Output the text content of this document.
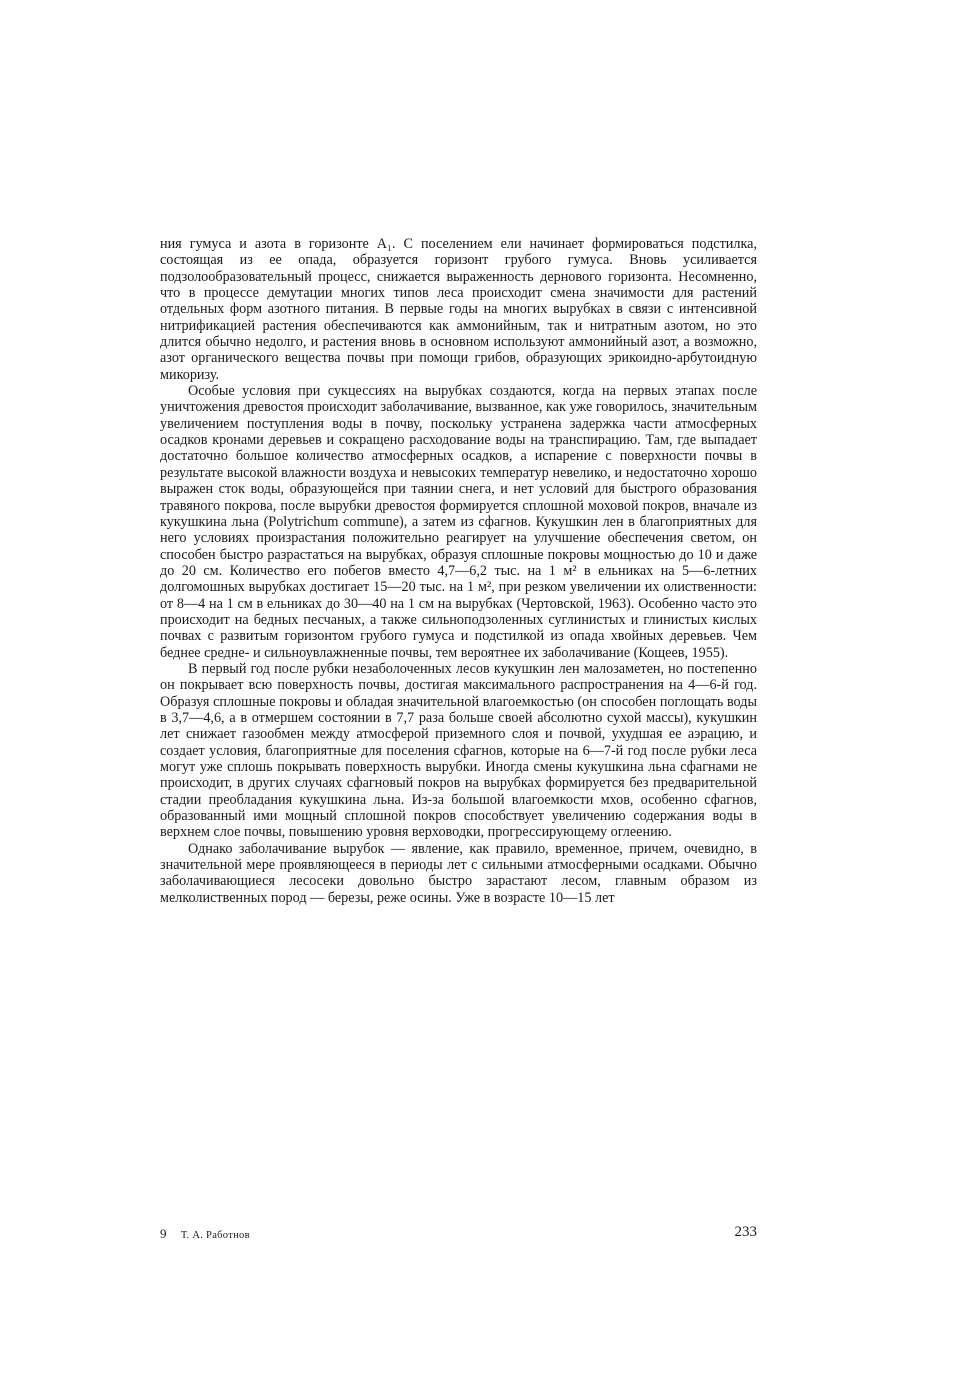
ния гумуса и азота в горизонте A₁. С поселением ели начинает формироваться подстилка, состоящая из ее опада, образуется горизонт грубого гумуса. Вновь усиливается подзолообразовательный процесс, снижается выраженность дернового горизонта. Несомненно, что в процессе демутации многих типов леса происходит смена значимости для растений отдельных форм азотного питания. В первые годы на многих вырубках в связи с интенсивной нитрификацией растения обеспечиваются как аммонийным, так и нитратным азотом, но это длится обычно недолго, и растения вновь в основном используют аммонийный азот, а возможно, азот органического вещества почвы при помощи грибов, образующих эрикоидно-арбутоидную микоризу.

Особые условия при сукцессиях на вырубках создаются, когда на первых этапах после уничтожения древостоя происходит заболачивание, вызванное, как уже говорилось, значительным увеличением поступления воды в почву, поскольку устранена задержка части атмосферных осадков кронами деревьев и сокращено расходование воды на транспирацию. Там, где выпадает достаточно большое количество атмосферных осадков, а испарение с поверхности почвы в результате высокой влажности воздуха и невысоких температур невелико, и недостаточно хорошо выражен сток воды, образующейся при таянии снега, и нет условий для быстрого образования травяного покрова, после вырубки древостоя формируется сплошной моховой покров, вначале из кукушкина льна (Polytrichum commune), а затем из сфагнов. Кукушкин лен в благоприятных для него условиях произрастания положительно реагирует на улучшение обеспечения светом, он способен быстро разрастаться на вырубках, образуя сплошные покровы мощностью до 10 и даже до 20 см. Количество его побегов вместо 4,7—6,2 тыс. на 1 м² в ельниках на 5—6-летних долгомошных вырубках достигает 15—20 тыс. на 1 м², при резком увеличении их олиственности: от 8—4 на 1 см в ельниках до 30—40 на 1 см на вырубках (Чертовской, 1963). Особенно часто это происходит на бедных песчаных, а также сильноподзоленных суглинистых и глинистых кислых почвах с развитым горизонтом грубого гумуса и подстилкой из опада хвойных деревьев. Чем беднее средне- и сильноувлажненные почвы, тем вероятнее их заболачивание (Кощеев, 1955).

В первый год после рубки незаболоченных лесов кукушкин лен малозаметен, но постепенно он покрывает всю поверхность почвы, достигая максимального распространения на 4—6-й год. Образуя сплошные покровы и обладая значительной влагоемкостью (он способен поглощать воды в 3,7—4,6, а в отмершем состоянии в 7,7 раза больше своей абсолютно сухой массы), кукушкин лет снижает газообмен между атмосферой приземного слоя и почвой, ухудшая ее аэрацию, и создает условия, благоприятные для поселения сфагнов, которые на 6—7-й год после рубки леса могут уже сплошь покрывать поверхность вырубки. Иногда смены кукушкина льна сфагнами не происходит, в других случаях сфагновый покров на вырубках формируется без предварительной стадии преобладания кукушкина льна. Из-за большой влагоемкости мхов, особенно сфагнов, образованный ими мощный сплошной покров способствует увеличению содержания воды в верхнем слое почвы, повышению уровня верховодки, прогрессирующему оглеению.

Однако заболачивание вырубок — явление, как правило, временное, причем, очевидно, в значительной мере проявляющееся в периоды лет с сильными атмосферными осадками. Обычно заболачивающиеся лесосеки довольно быстро зарастают лесом, главным образом из мелколиственных пород — березы, реже осины. Уже в возрасте 10—15 лет

9 Т. А. Работнов	233
